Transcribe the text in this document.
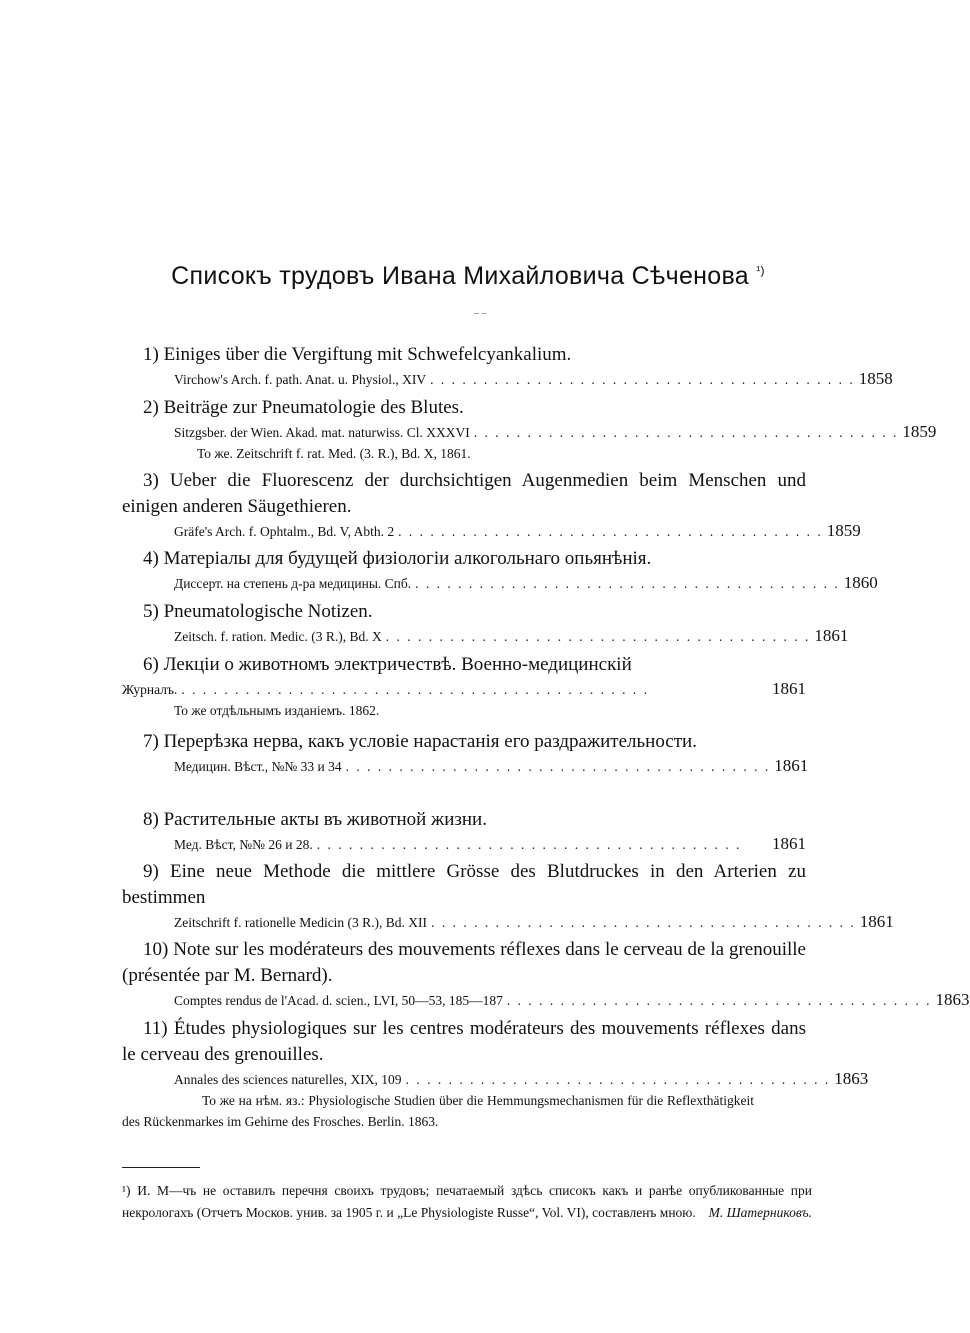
Списокъ трудовъ Ивана Михайловича Сѣченова $^{^1)}$
‒ ‒
1) Einiges über die Vergiftung mit Schwefelcyankalium.
Virchow's Arch. f. path. Anat. u. Physiol., XIV . . . . . . . . . . . . . . . . . . . . . . . . . . . . . . . . . . . . . . . . 1858
2) Beiträge zur Pneumatologie des Blutes.
Sitzgsber. der Wien. Akad. mat. naturwiss. Cl. XXXVI . . . . . . . . . . . . . . . . . . . . . . . . . . . . . . . . . . . . . . . . 1859
То же. Zeitschrift f. rat. Med. (3. R.), Bd. X, 1861.
3) Ueber die Fluorescenz der durchsichtigen Augenmedien beim Menschen und einigen anderen Säugethieren.
Gräfe's Arch. f. Ophtalm., Bd. V, Abth. 2 . . . . . . . . . . . . . . . . . . . . . . . . . . . . . . . . . . . . . . . . 1859
4) Матеріалы для будущей физіологіи алкогольнаго опьянѣнія.
Диссерт. на степень д-ра медицины. Спб. . . . . . . . . . . . . . . . . . . . . . . . . . . . . . . . . . . . . . . . . 1860
5) Pneumatologische Notizen.
Zeitsch. f. ration. Medic. (3 R.), Bd. X . . . . . . . . . . . . . . . . . . . . . . . . . . . . . . . . . . . . . . . . 1861
6) Лекціи о животномъ электричествѣ. Военно-медицинскій
Журналъ. . . . . . . . . . . . . . . . . . . . . . . . . . . . . . . . . . . . . . . . . . . . .	1861
То же отдѣльнымъ изданіемъ. 1862.
7) Перерѣзка нерва, какъ условіе нарастанія его раздражительности.
Медицин. Вѣст., №№ 33 и 34 . . . . . . . . . . . . . . . . . . . . . . . . . . . . . . . . . . . . . . . . 1861
8) Растительные акты въ животной жизни.
Мед. Вѣст, №№ 26 и 28. . . . . . . . . . . . . . . . . . . . . . . . . . . . . . . . . . . . . . . . .	1861
9) Eine neue Methode die mittlere Grösse des Blutdruckes in den Arterien zu bestimmen
Zeitschrift f. rationelle Medicin (3 R.), Bd. XII . . . . . . . . . . . . . . . . . . . . . . . . . . . . . . . . . . . . . . . . 1861
10) Note sur les modérateurs des mouvements réflexes dans le cerveau de la grenouille (présentée par M. Bernard).
Comptes rendus de l'Acad. d. scien., LVI, 50—53, 185—187 . . . . . . . . . . . . . . . . . . . . . . . . . . . . . . . . . . . . . . . . 1863
11) Études physiologiques sur les centres modérateurs des mouvements réflexes dans le cerveau des grenouilles.
Annales des sciences naturelles, XIX, 109 . . . . . . . . . . . . . . . . . . . . . . . . . . . . . . . . . . . . . . . . 1863
То же на нѣм. яз.: Physiologische Studien über die Hemmungsmechanismen für die Reflexthätigkeit des Rückenmarkes im Gehirne des Frosches. Berlin. 1863.
¹) И. М—чъ не оставилъ перечня своихъ трудовъ; печатаемый здѣсь списокъ какъ и ранѣе опубликованные при некрологахъ (Отчетъ Москов. унив. за 1905 г. и „Le Physiologiste Russe“, Vol. VI), составленъ мною. М. Шатерниковъ.
